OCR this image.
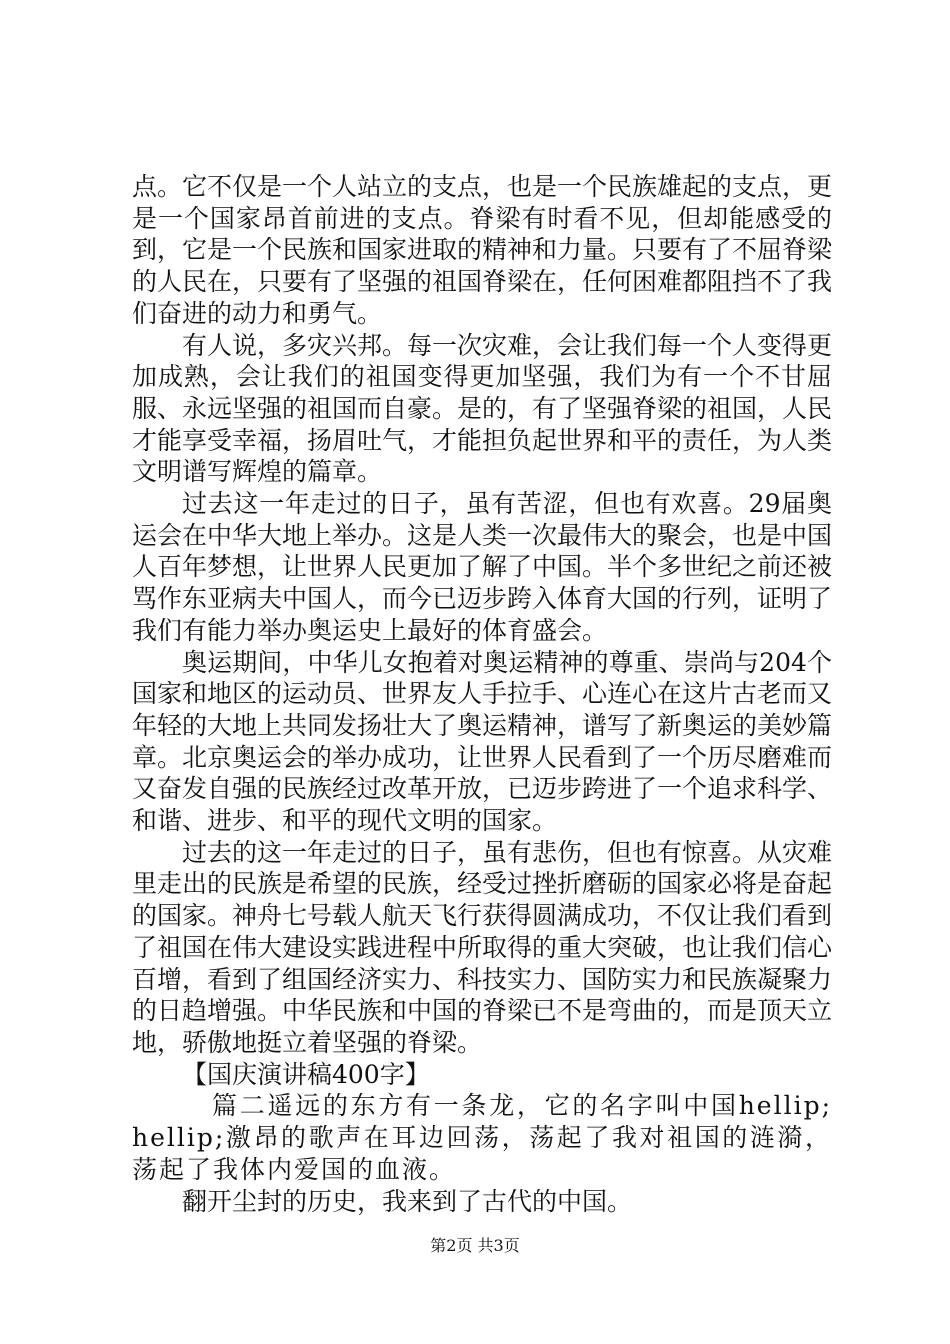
点。它不仅是一个人站立的支点，也是一个民族雄起的支点，更是一个国家昂首前进的支点。脊梁有时看不见，但却能感受的到，它是一个民族和国家进取的精神和力量。只要有了不屈脊梁的人民在，只要有了坚强的祖国脊梁在，任何困难都阻挡不了我们奋进的动力和勇气。

有人说，多灾兴邦。每一次灾难，会让我们每一个人变得更加成熟，会让我们的祖国变得更加坚强，我们为有一个不甘屈服、永远坚强的祖国而自豪。是的，有了坚强脊梁的祖国，人民才能享受幸福，扬眉吐气，才能担负起世界和平的责任，为人类文明谱写辉煌的篇章。

过去这一年走过的日子，虽有苦涩，但也有欢喜。29届奥运会在中华大地上举办。这是人类一次最伟大的聚会，也是中国人百年梦想，让世界人民更加了解了中国。半个多世纪之前还被骂作东亚病夫中国人，而今已迈步跨入体育大国的行列，证明了我们有能力举办奥运史上最好的体育盛会。

奥运期间，中华儿女抱着对奥运精神的尊重、崇尚与204个国家和地区的运动员、世界友人手拉手、心连心在这片古老而又年轻的大地上共同发扬壮大了奥运精神，谱写了新奥运的美妙篇章。北京奥运会的举办成功，让世界人民看到了一个历尽磨难而又奋发自强的民族经过改革开放，已迈步跨进了一个追求科学、和谐、进步、和平的现代文明的国家。

过去的这一年走过的日子，虽有悲伤，但也有惊喜。从灾难里走出的民族是希望的民族，经受过挫折磨砺的国家必将是奋起的国家。神舟七号载人航天飞行获得圆满成功，不仅让我们看到了祖国在伟大建设实践进程中所取得的重大突破，也让我们信心百增，看到了组国经济实力、科技实力、国防实力和民族凝聚力的日趋增强。中华民族和中国的脊梁已不是弯曲的，而是顶天立地，骄傲地挺立着坚强的脊梁。

【国庆演讲稿400字】

篇二遥远的东方有一条龙，它的名字叫中国hellip;hellip;激昂的歌声在耳边回荡，荡起了我对祖国的涟漪，荡起了我体内爱国的血液。

翻开尘封的历史，我来到了古代的中国。

第2页 共3页
